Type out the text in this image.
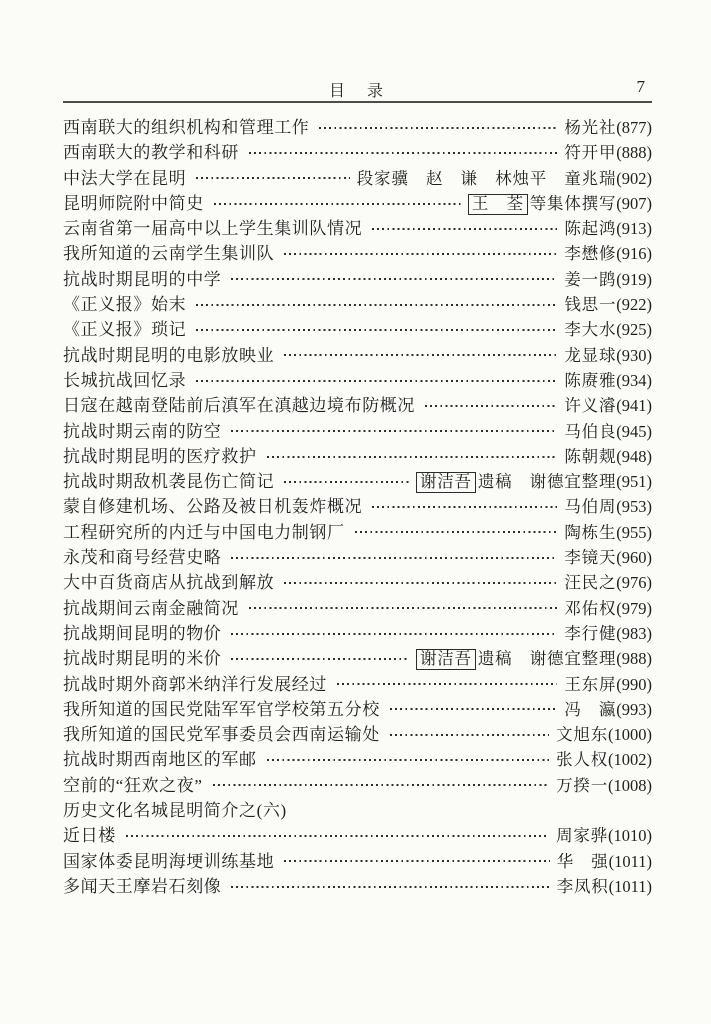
目　录	7
西南联大的组织机构和管理工作	杨光社(877)
西南联大的教学和科研	符开甲(888)
中法大学在昆明	段家骥　赵　谦　林烛平　童兆瑞(902)
昆明师院附中简史	王　荃 等集体撰写(907)
云南省第一届高中以上学生集训队情况	陈起鸿(913)
我所知道的云南学生集训队	李懋修(916)
抗战时期昆明的中学	姜一鹍(919)
《正义报》始末	钱思一(922)
《正义报》琐记	李大水(925)
抗战时期昆明的电影放映业	龙显球(930)
长城抗战回忆录	陈赓雅(934)
日寇在越南登陆前后滇军在滇越边境布防概况	许义濬(941)
抗战时期云南的防空	马伯良(945)
抗战时期昆明的医疗救护	陈朝觌(948)
抗战时期敌机袭昆伤亡简记	谢洁吾 遗稿　谢德宜整理(951)
蒙自修建机场、公路及被日机轰炸概况	马伯周(953)
工程研究所的内迁与中国电力制钢厂	陶栋生(955)
永茂和商号经营史略	李镜天(960)
大中百货商店从抗战到解放	汪民之(976)
抗战期间云南金融简况	邓佑权(979)
抗战期间昆明的物价	李行健(983)
抗战时期昆明的米价	谢洁吾 遗稿　谢德宜整理(988)
抗战时期外商郭米纳洋行发展经过	王东屏(990)
我所知道的国民党陆军军官学校第五分校	冯　瀛(993)
我所知道的国民党军事委员会西南运输处	文旭东(1000)
抗战时期西南地区的军邮	张人权(1002)
空前的“狂欢之夜”	万揆一(1008)
历史文化名城昆明简介之(六)
近日楼	周家骅(1010)
国家体委昆明海埂训练基地	华　强(1011)
多闻天王摩岩石刻像	李凤积(1011)
